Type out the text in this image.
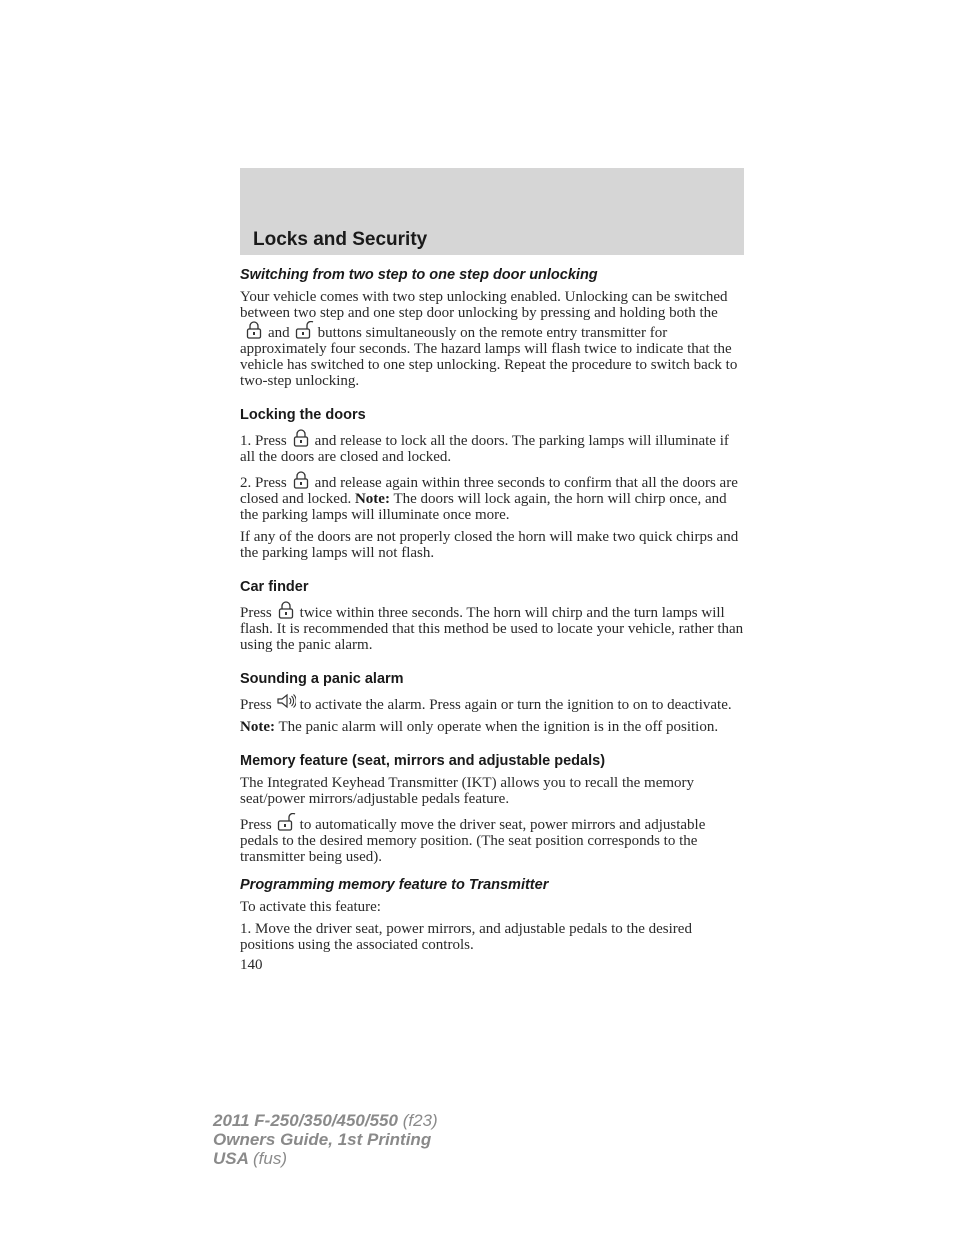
Locks and Security
Switching from two step to one step door unlocking

Your vehicle comes with two step unlocking enabled. Unlocking can be switched between two step and one step door unlocking by pressing and holding both the
and buttons simultaneously on the remote entry transmitter for approximately four seconds. The hazard lamps will flash twice to indicate that the vehicle has switched to one step unlocking. Repeat the procedure to switch back to two-step unlocking.

Locking the doors

1. Press and release to lock all the doors. The parking lamps will illuminate if all the doors are closed and locked.

2. Press and release again within three seconds to confirm that all the doors are closed and locked. Note: The doors will lock again, the horn will chirp once, and the parking lamps will illuminate once more.

If any of the doors are not properly closed the horn will make two quick chirps and the parking lamps will not flash.

Car finder

Press twice within three seconds. The horn will chirp and the turn lamps will flash. It is recommended that this method be used to locate your vehicle, rather than using the panic alarm.

Sounding a panic alarm

Press to activate the alarm. Press again or turn the ignition to on to deactivate.

Note: The panic alarm will only operate when the ignition is in the off position.

Memory feature (seat, mirrors and adjustable pedals)

The Integrated Keyhead Transmitter (IKT) allows you to recall the memory seat/power mirrors/adjustable pedals feature.

Press to automatically move the driver seat, power mirrors and adjustable pedals to the desired memory position. (The seat position corresponds to the transmitter being used).

Programming memory feature to Transmitter

To activate this feature:

1. Move the driver seat, power mirrors, and adjustable pedals to the desired positions using the associated controls.

140
2011 F-250/350/450/550 (f23)
Owners Guide, 1st Printing
USA (fus)
